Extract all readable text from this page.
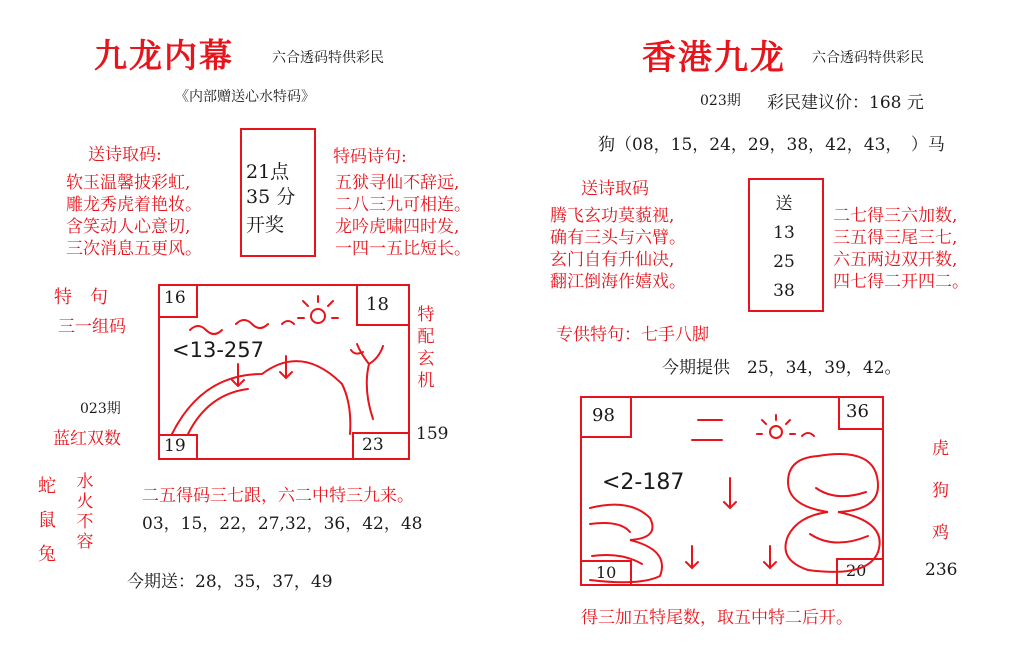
九龙内幕	六合透码特供彩民
《内部赠送心水特码》
送诗取码:
软玉温馨披彩虹,
雕龙秀虎着艳妆。
含笑动人心意切,
三次消息五更风。
21点
35 分
开奖
特码诗句:
五狱寻仙不辞远,
二八三九可相连。
龙吟虎啸四时发,
一四一五比短长。
特　句
三一组码
023期
蓝红双数
16	18
19	23
<13-257
特配玄机
159
蛇
鼠
兔
水火不容
二五得码三七跟，六二中特三九来。
03，15，22，27,32，36，42，48
今期送：28，35，37，49
香港九龙 六合透码特供彩民
023期 彩民建议价：168 元
狗（08，15，24，29，38，42，43，　）马
送诗取码
腾飞玄功莫藐视,
确有三头与六臂。
玄门自有升仙决,
翻江倒海作嬉戏。
送
13
25
38
二七得三六加数,
三五得三尾三七,
六五两边双开数,
四七得二开四二。
专供特句：七手八脚
今期提供　25，34，39，42。
98	36
10	20
<2-187
虎
狗
鸡
236
得三加五特尾数，取五中特二后开。
